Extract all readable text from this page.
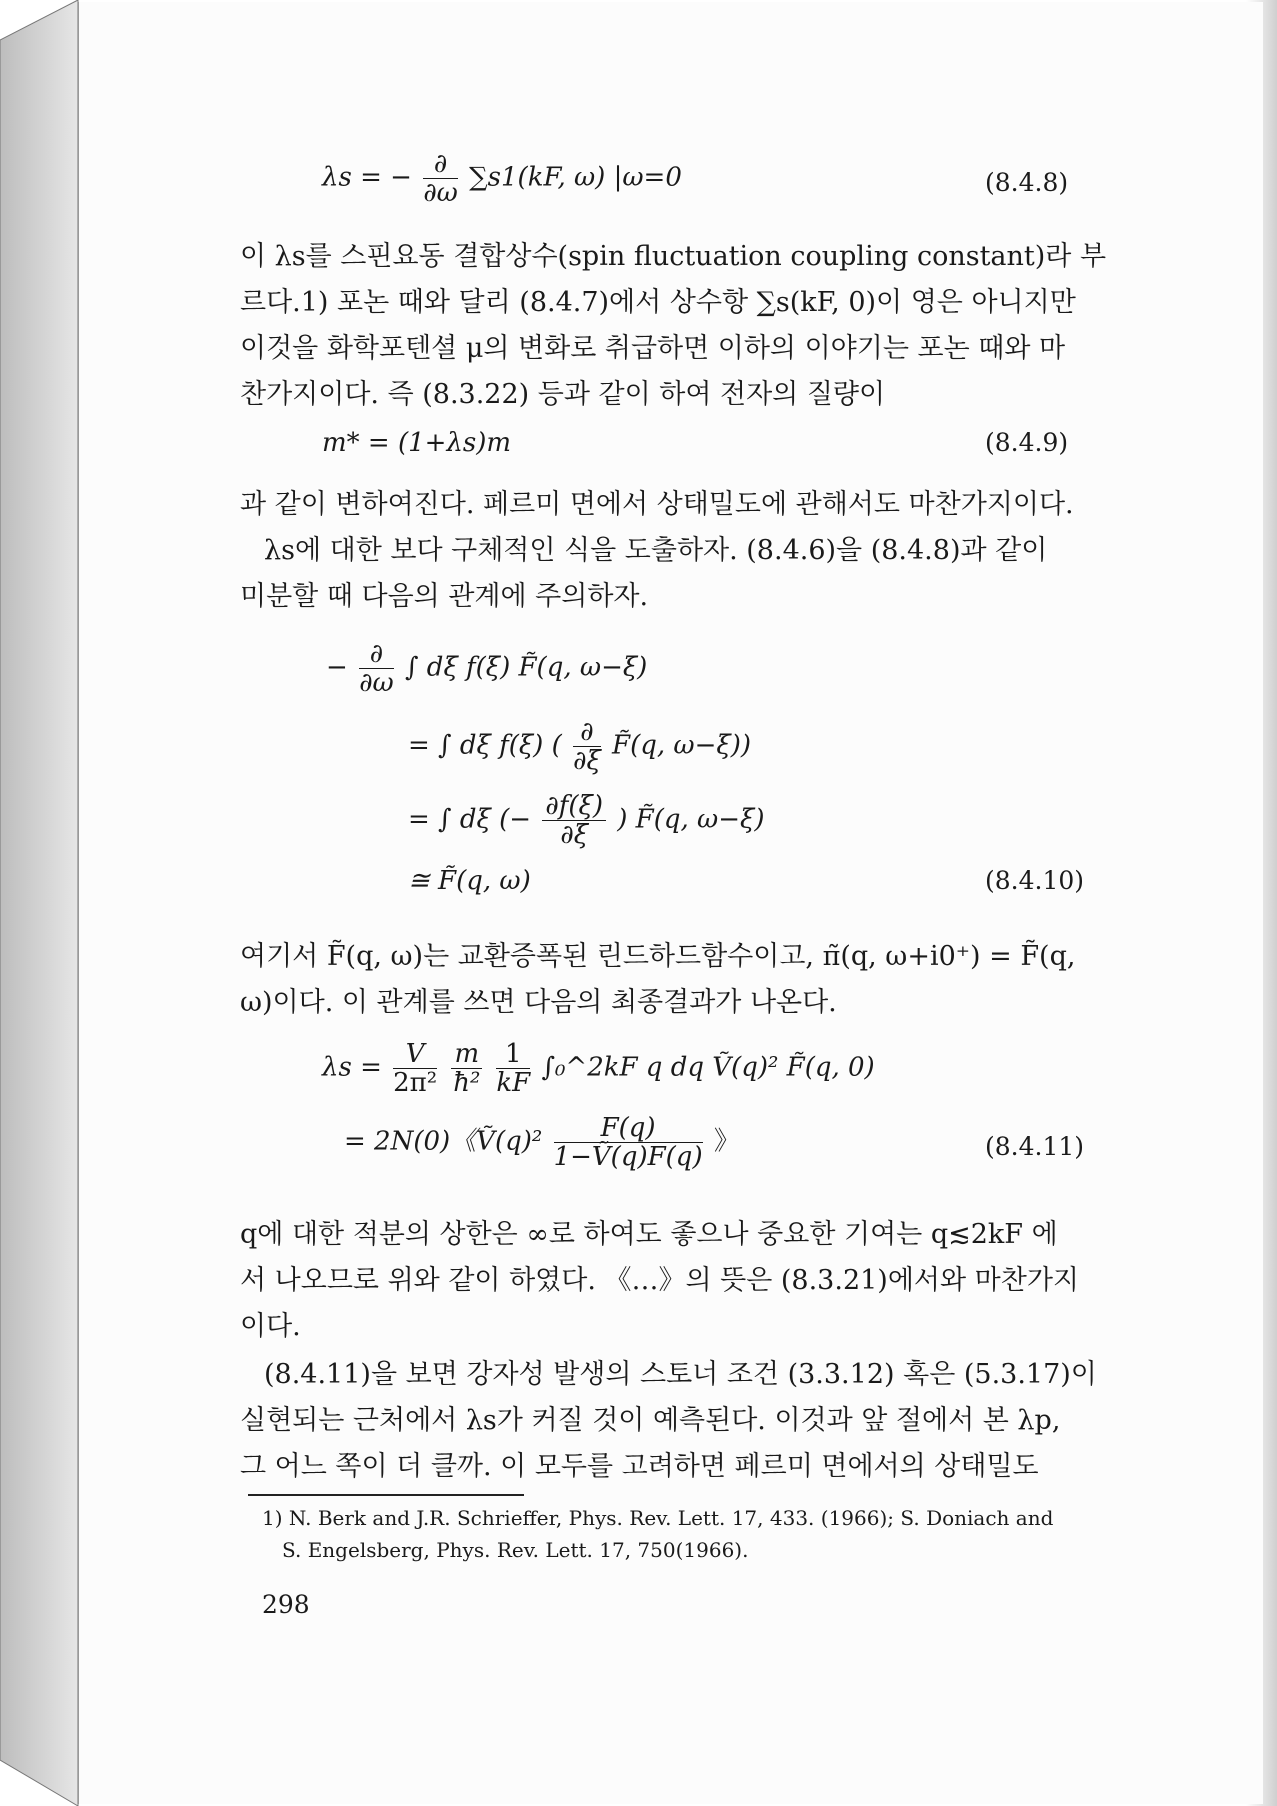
λs = − $\frac{\partial}{\partial\omega} \sum s1(kF$, ω) |ω=0	(8.4.8)
이 λs를 스핀요동 결합상수(spin fluctuation coupling constant)라 부
르다.1) 포논 때와 달리 (8.4.7)에서 상수항 ∑s(kF, 0)이 영은 아니지만
이것을 화학포텐셜 μ의 변화로 취급하면 이하의 이야기는 포논 때와 마
찬가지이다. 즉 (8.3.22) 등과 같이 하여 전자의 질량이
m* = (1+λs)m	(8.4.9)
과 같이 변하여진다. 페르미 면에서 상태밀도에 관해서도 마찬가지이다.
λs에 대한 보다 구체적인 식을 도출하자. (8.4.6)을 (8.4.8)과 같이
미분할 때 다음의 관계에 주의하자.
− $\frac{\partial}{\partial\omega}$ ∫ dξ f(ξ) F̃(q, ω−ξ)
= ∫ dξ f(ξ) ( $\frac{\partial}{\partial\xi}$ F̃(q, ω−ξ))
= ∫ dξ (− $\frac{\partial f(\xi)}{\partial\xi}$ ) F̃(q, ω−ξ)
≅ F̃(q, ω)	(8.4.10)
여기서 F̃(q, ω)는 교환증폭된 린드하드함수이고, π̃(q, ω+i0⁺) = F̃(q,
ω)이다. 이 관계를 쓰면 다음의 최종결과가 나온다.
$\lambda s = \frac{V}{\text{2π²}}$
$\frac{m}{\text{ħ²}}$
$\frac{1}{kF}$ ∫₀^2kF q dq Ṽ(q)² F̃(q, 0)
= 2N(0)《Ṽ(q)² $\frac{F(q)}{\text{1−Ṽ(q)F(q)}}$ 》	(8.4.11)
q에 대한 적분의 상한은 ∞로 하여도 좋으나 중요한 기여는 q≲2kF 에
서 나오므로 위와 같이 하였다. 《…》의 뜻은 (8.3.21)에서와 마찬가지
이다.
(8.4.11)을 보면 강자성 발생의 스토너 조건 (3.3.12) 혹은 (5.3.17)이
실현되는 근처에서 λs가 커질 것이 예측된다. 이것과 앞 절에서 본 λp,
그 어느 쪽이 더 클까. 이 모두를 고려하면 페르미 면에서의 상태밀도
1) N. Berk and J.R. Schrieffer, Phys. Rev. Lett. 17, 433. (1966); S. Doniach and
S. Engelsberg, Phys. Rev. Lett. 17, 750(1966).
298
